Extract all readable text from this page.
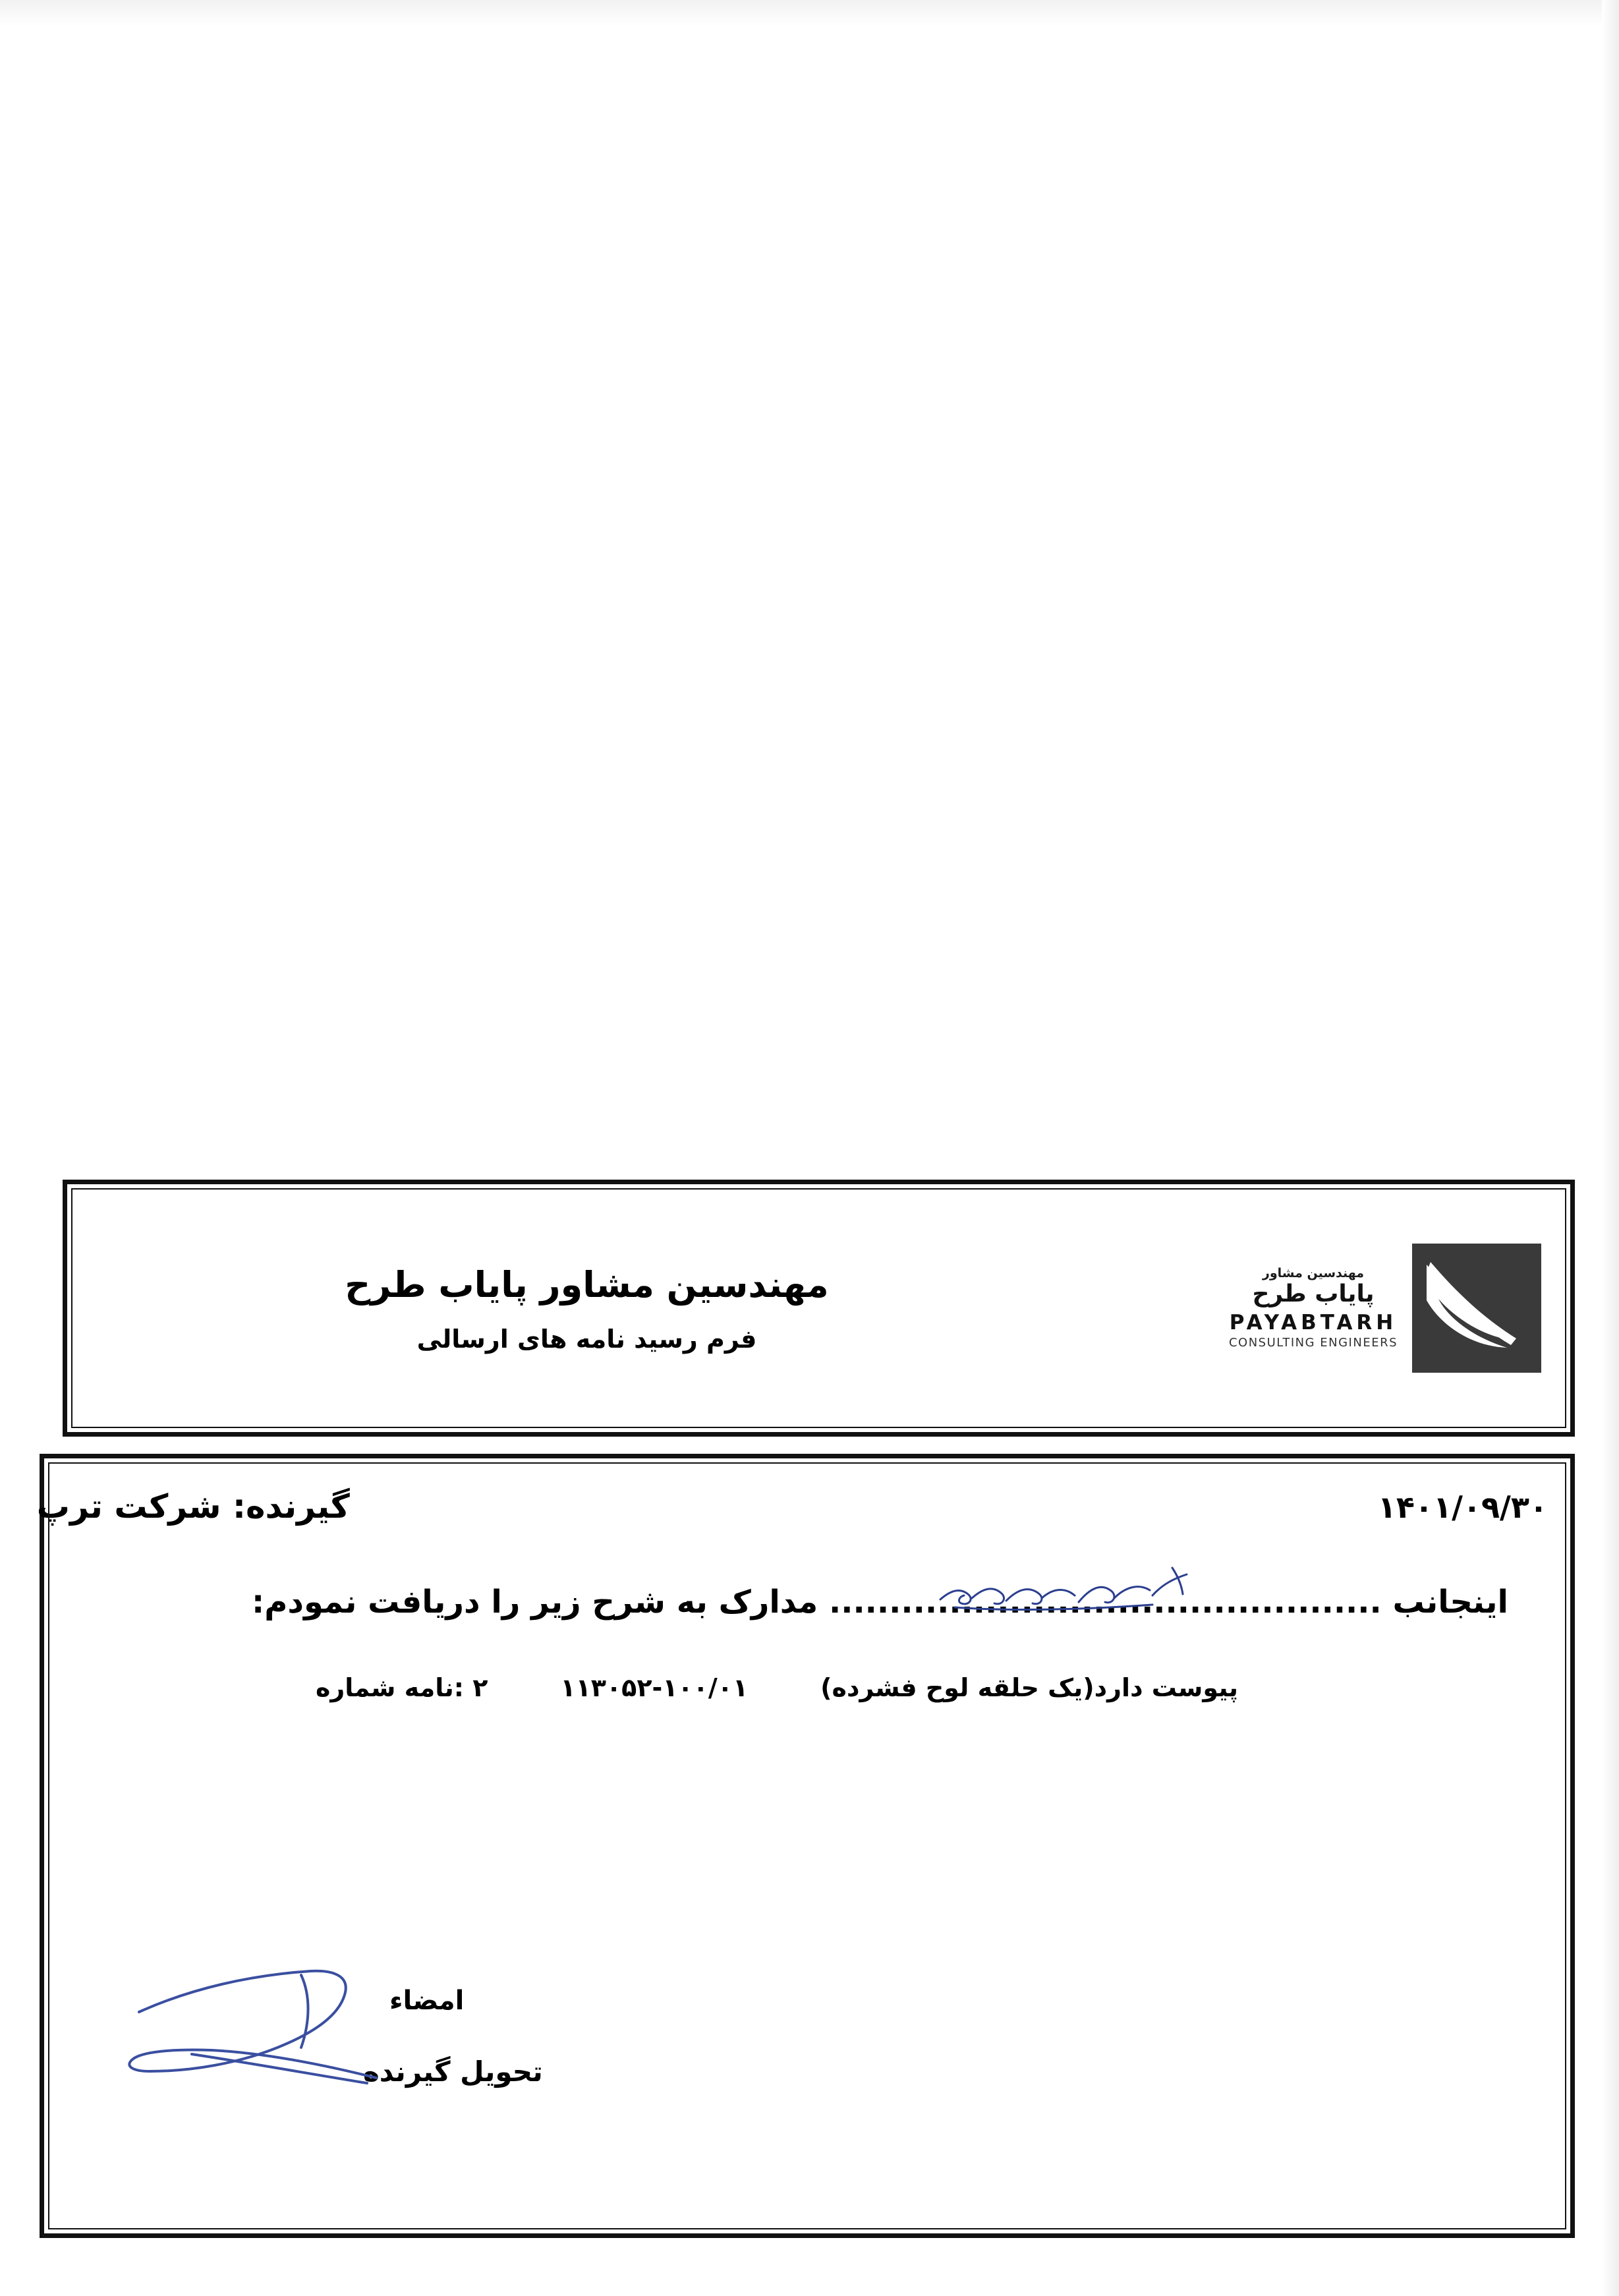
مهندسین مشاور پایاب طرح
فرم رسید نامه های ارسالی
مهندسین مشاور
پایاب طرح
PAYABTARH
CONSULTING ENGINEERS
۱۴۰۱/۰۹/۳۰
گیرنده: شرکت ترپ
اینجانب .............................................. مدارک به شرح زیر را دریافت نمودم:
پیوست دارد(یک حلقه لوح فشرده)
۱۱۳۰۵۲-۱۰۰/۰۱
۲ :نامه شماره
امضاء
تحویل گیرنده
